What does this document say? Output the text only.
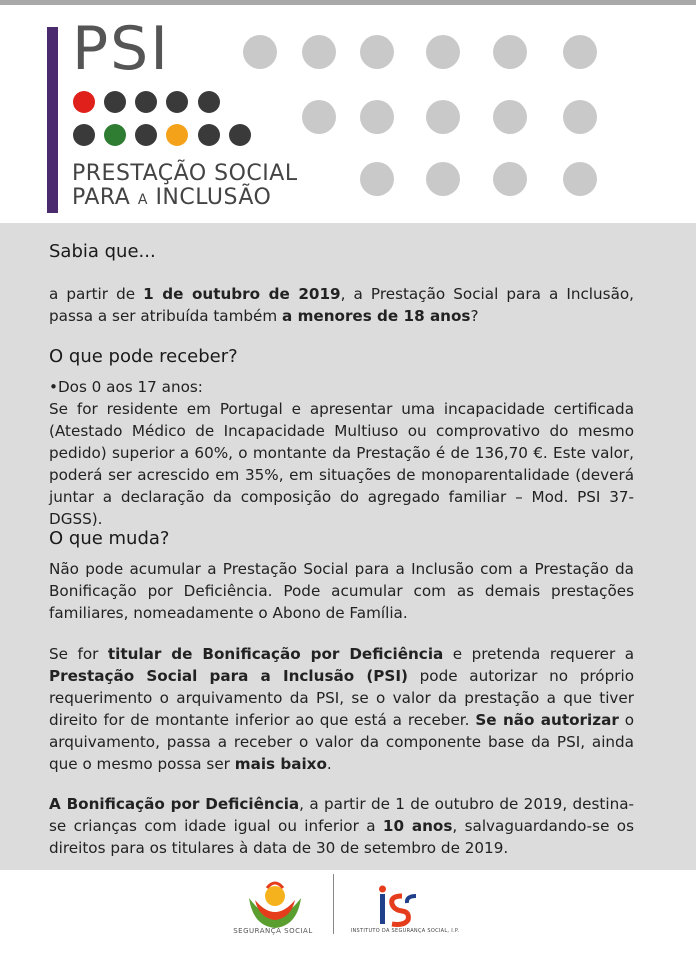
PSI
PRESTAÇÃO SOCIAL
PARA A INCLUSÃO
Sabia que...
a partir de 1 de outubro de 2019, a Prestação Social para a Inclusão, passa a ser atribuída também a menores de 18 anos?
O que pode receber?
•Dos 0 aos 17 anos:
Se for residente em Portugal e apresentar uma incapacidade certificada (Atestado Médico de Incapacidade Multiuso ou comprovativo do mesmo pedido) superior a 60%, o montante da Prestação é de 136,70 €. Este valor, poderá ser acrescido em 35%, em situações de monoparentalidade (deverá juntar a declaração da composição do agregado familiar – Mod. PSI 37-DGSS).
O que muda?
Não pode acumular a Prestação Social para a Inclusão com a Prestação da Bonificação por Deficiência. Pode acumular com as demais prestações familiares, nomeadamente o Abono de Família.
Se for titular de Bonificação por Deficiência e pretenda requerer a Prestação Social para a Inclusão (PSI) pode autorizar no próprio requerimento o arquivamento da PSI, se o valor da prestação a que tiver direito for de montante inferior ao que está a receber. Se não autorizar o arquivamento, passa a receber o valor da componente base da PSI, ainda que o mesmo possa ser mais baixo.
A Bonificação por Deficiência, a partir de 1 de outubro de 2019, destina-se crianças com idade igual ou inferior a 10 anos, salvaguardando-se os direitos para os titulares à data de 30 de setembro de 2019.
SEGURANÇA SOCIAL	INSTITUTO DA SEGURANÇA SOCIAL, I.P.
